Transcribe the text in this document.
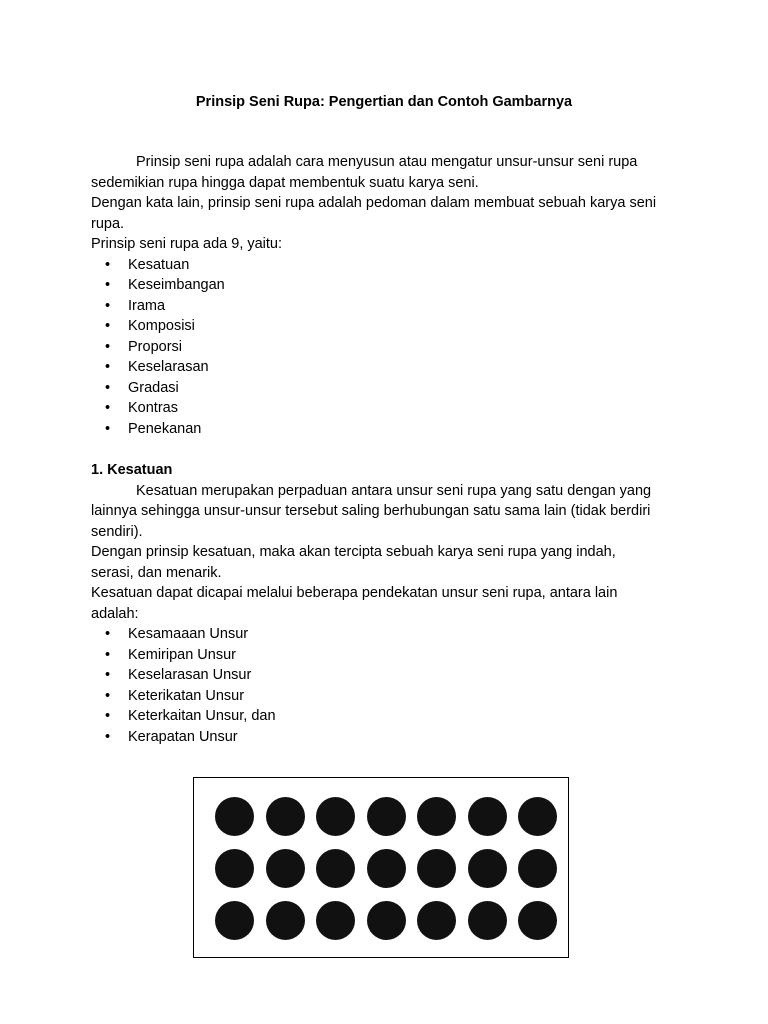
Prinsip Seni Rupa: Pengertian dan Contoh Gambarnya
Prinsip seni rupa adalah cara menyusun atau mengatur unsur-unsur seni rupa
sedemikian rupa hingga dapat membentuk suatu karya seni.
Dengan kata lain, prinsip seni rupa adalah pedoman dalam membuat sebuah karya seni
rupa.
Prinsip seni rupa ada 9, yaitu:
• Kesatuan
• Keseimbangan
• Irama
• Komposisi
• Proporsi
• Keselarasan
• Gradasi
• Kontras
• Penekanan
1. Kesatuan
Kesatuan merupakan perpaduan antara unsur seni rupa yang satu dengan yang
lainnya sehingga unsur-unsur tersebut saling berhubungan satu sama lain (tidak berdiri
sendiri).
Dengan prinsip kesatuan, maka akan tercipta sebuah karya seni rupa yang indah,
serasi, dan menarik.
Kesatuan dapat dicapai melalui beberapa pendekatan unsur seni rupa, antara lain
adalah:
• Kesamaaan Unsur
• Kemiripan Unsur
• Keselarasan Unsur
• Keterikatan Unsur
• Keterkaitan Unsur, dan
• Kerapatan Unsur
